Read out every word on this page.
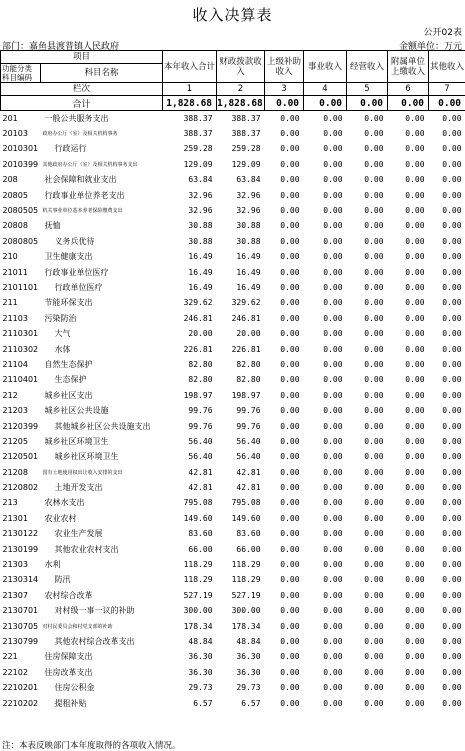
收入决算表
公开02表
部门：嘉鱼县渡普镇人民政府	金额单位：万元
项目		本年收入合计	财政拨款收入	上级补助收入	事业收入	经营收入	附属单位上缴收入	其他收入
功能分类科目编码	科目名称							
栏次		1	2	3	4	5	6	7
合计		1,828.68	1,828.68	0.00	0.00	0.00	0.00	0.00
201	一般公共服务支出	388.37	388.37	0.00	0.00	0.00	0.00	0.00
20103	政府办公厅（室）及相关机构事务	388.37	388.37	0.00	0.00	0.00	0.00	0.00
2010301	行政运行	259.28	259.28	0.00	0.00	0.00	0.00	0.00
2010399	其他政府办公厅（室）及相关机构事务支出	129.09	129.09	0.00	0.00	0.00	0.00	0.00
208	社会保障和就业支出	63.84	63.84	0.00	0.00	0.00	0.00	0.00
20805	行政事业单位养老支出	32.96	32.96	0.00	0.00	0.00	0.00	0.00
2080505	机关事业单位基本养老保险缴费支出	32.96	32.96	0.00	0.00	0.00	0.00	0.00
20808	抚恤	30.88	30.88	0.00	0.00	0.00	0.00	0.00
2080805	义务兵优待	30.88	30.88	0.00	0.00	0.00	0.00	0.00
210	卫生健康支出	16.49	16.49	0.00	0.00	0.00	0.00	0.00
21011	行政事业单位医疗	16.49	16.49	0.00	0.00	0.00	0.00	0.00
2101101	行政单位医疗	16.49	16.49	0.00	0.00	0.00	0.00	0.00
211	节能环保支出	329.62	329.62	0.00	0.00	0.00	0.00	0.00
21103	污染防治	246.81	246.81	0.00	0.00	0.00	0.00	0.00
2110301	大气	20.00	20.00	0.00	0.00	0.00	0.00	0.00
2110302	水体	226.81	226.81	0.00	0.00	0.00	0.00	0.00
21104	自然生态保护	82.80	82.80	0.00	0.00	0.00	0.00	0.00
2110401	生态保护	82.80	82.80	0.00	0.00	0.00	0.00	0.00
212	城乡社区支出	198.97	198.97	0.00	0.00	0.00	0.00	0.00
21203	城乡社区公共设施	99.76	99.76	0.00	0.00	0.00	0.00	0.00
2120399	其他城乡社区公共设施支出	99.76	99.76	0.00	0.00	0.00	0.00	0.00
21205	城乡社区环境卫生	56.40	56.40	0.00	0.00	0.00	0.00	0.00
2120501	城乡社区环境卫生	56.40	56.40	0.00	0.00	0.00	0.00	0.00
21208	国有土地使用权出让收入安排的支出	42.81	42.81	0.00	0.00	0.00	0.00	0.00
2120802	土地开发支出	42.81	42.81	0.00	0.00	0.00	0.00	0.00
213	农林水支出	795.08	795.08	0.00	0.00	0.00	0.00	0.00
21301	农业农村	149.60	149.60	0.00	0.00	0.00	0.00	0.00
2130122	农业生产发展	83.60	83.60	0.00	0.00	0.00	0.00	0.00
2130199	其他农业农村支出	66.00	66.00	0.00	0.00	0.00	0.00	0.00
21303	水利	118.29	118.29	0.00	0.00	0.00	0.00	0.00
2130314	防汛	118.29	118.29	0.00	0.00	0.00	0.00	0.00
21307	农村综合改革	527.19	527.19	0.00	0.00	0.00	0.00	0.00
2130701	对村级一事一议的补助	300.00	300.00	0.00	0.00	0.00	0.00	0.00
2130705	对村民委员会和村党支部的补助	178.34	178.34	0.00	0.00	0.00	0.00	0.00
2130799	其他农村综合改革支出	48.84	48.84	0.00	0.00	0.00	0.00	0.00
221	住房保障支出	36.30	36.30	0.00	0.00	0.00	0.00	0.00
22102	住房改革支出	36.30	36.30	0.00	0.00	0.00	0.00	0.00
2210201	住房公积金	29.73	29.73	0.00	0.00	0.00	0.00	0.00
2210202	提租补贴	6.57	6.57	0.00	0.00	0.00	0.00	0.00
注：本表反映部门本年度取得的各项收入情况。
